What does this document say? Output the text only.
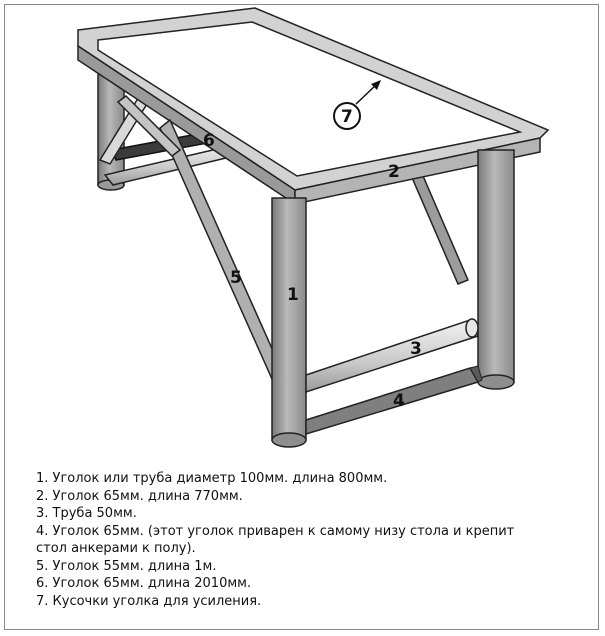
1
2
3
4
5
6
7
1. Уголок или труба диаметр 100мм. длина 800мм.
2. Уголок 65мм. длина 770мм.
3. Труба 50мм.
4. Уголок 65мм. (этот уголок приварен к самому низу стола и крепит
стол анкерами к полу).
5. Уголок 55мм. длина 1м.
6. Уголок 65мм. длина 2010мм.
7. Кусочки уголка для усиления.
